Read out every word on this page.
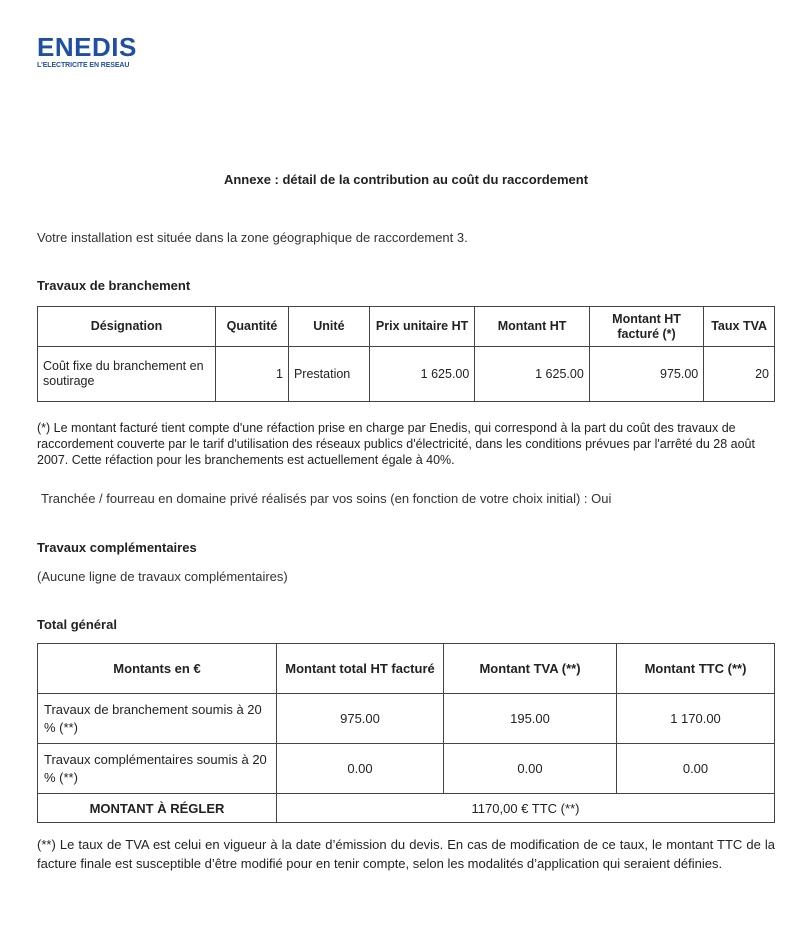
ENEDIS
L'ELECTRICITE EN RESEAU
Annexe : détail de la contribution au coût du raccordement
Votre installation est située dans la zone géographique de raccordement 3.
Travaux de branchement
Désignation	Quantité	Unité	Prix unitaire HT	Montant HT	Montant HT facturé (*)	Taux TVA
Coût fixe du branchement en soutirage	1	Prestation	1 625.00	1 625.00	975.00	20
(*) Le montant facturé tient compte d'une réfaction prise en charge par Enedis, qui correspond à la part du coût des travaux de raccordement couverte par le tarif d'utilisation des réseaux publics d'électricité, dans les conditions prévues par l'arrêté du 28 août 2007. Cette réfaction pour les branchements est actuellement égale à 40%.
Tranchée / fourreau en domaine privé réalisés par vos soins (en fonction de votre choix initial) : Oui
Travaux complémentaires
(Aucune ligne de travaux complémentaires)
Total général
Montants en €	Montant total HT facturé	Montant TVA (**)	Montant TTC (**)
Travaux de branchement soumis à 20 % (**)	975.00	195.00	1 170.00
Travaux complémentaires soumis à 20 % (**)	0.00	0.00	0.00
MONTANT À RÉGLER	1170,00 € TTC (**)		
(**) Le taux de TVA est celui en vigueur à la date d’émission du devis. En cas de modification de ce taux, le montant TTC de la facture finale est susceptible d’être modifié pour en tenir compte, selon les modalités d’application qui seraient définies.
